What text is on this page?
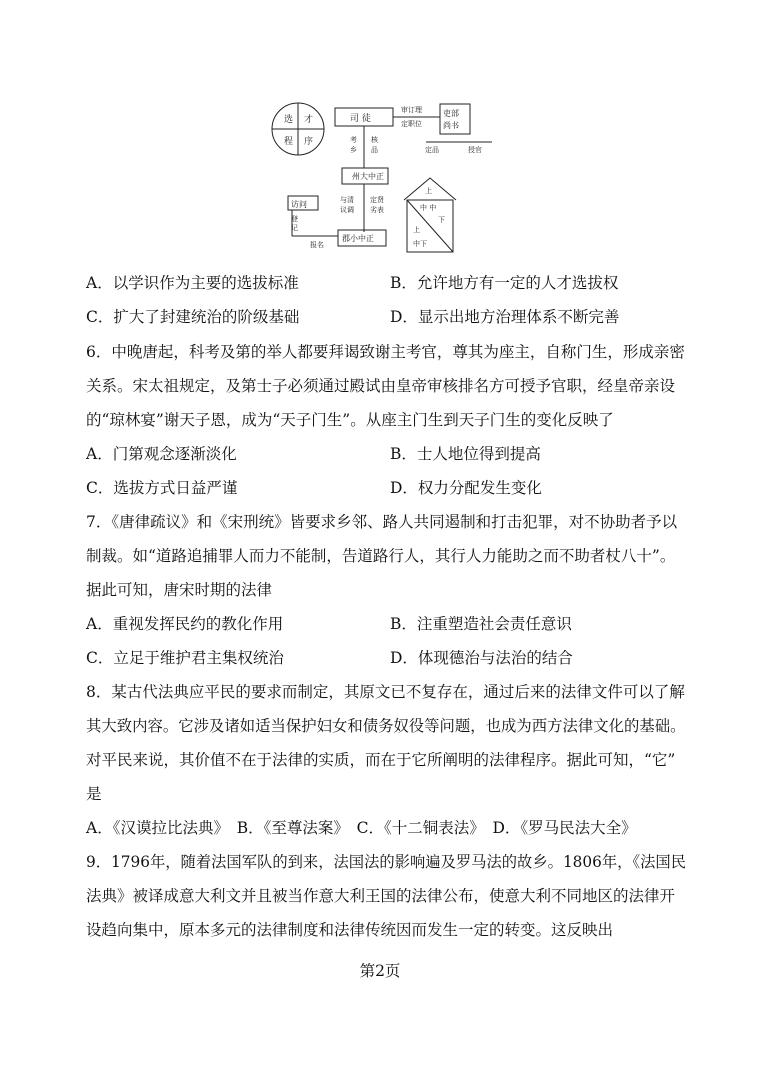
选 才
程 序
司 徒
吏部
尚书
州大中正
郡小中正
访问
审订理
定职位
定品	授官
考
乡
核
品
与清
议调
定贤
劣表
登
记
报名
上
中 中
下
上
中下
A．以学识作为主要的选拔标准	B．允许地方有一定的人才选拔权
C．扩大了封建统治的阶级基础	D．显示出地方治理体系不断完善
6．中晚唐起，科考及第的举人都要拜谒致谢主考官，尊其为座主，自称门生，形成亲密
关系。宋太祖规定，及第士子必须通过殿试由皇帝审核排名方可授予官职，经皇帝亲设
的“琼林宴”谢天子恩，成为“天子门生”。从座主门生到天子门生的变化反映了
A．门第观念逐渐淡化	B．士人地位得到提高
C．选拔方式日益严谨	D．权力分配发生变化
7．《唐律疏议》和《宋刑统》皆要求乡邻、路人共同遏制和打击犯罪，对不协助者予以
制裁。如“道路追捕罪人而力不能制，告道路行人，其行人力能助之而不助者杖八十”。
据此可知，唐宋时期的法律
A．重视发挥民约的教化作用	B．注重塑造社会责任意识
C．立足于维护君主集权统治	D．体现德治与法治的结合
8．某古代法典应平民的要求而制定，其原文已不复存在，通过后来的法律文件可以了解
其大致内容。它涉及诸如适当保护妇女和债务奴役等问题，也成为西方法律文化的基础。
对平民来说，其价值不在于法律的实质，而在于它所阐明的法律程序。据此可知，“它”
是
A．《汉谟拉比法典》　B．《至尊法案》　C．《十二铜表法》　D．《罗马民法大全》
9．1796年，随着法国军队的到来，法国法的影响遍及罗马法的故乡。1806年，《法国民
法典》被译成意大利文并且被当作意大利王国的法律公布，使意大利不同地区的法律开
设趋向集中，原本多元的法律制度和法律传统因而发生一定的转变。这反映出
第2页
